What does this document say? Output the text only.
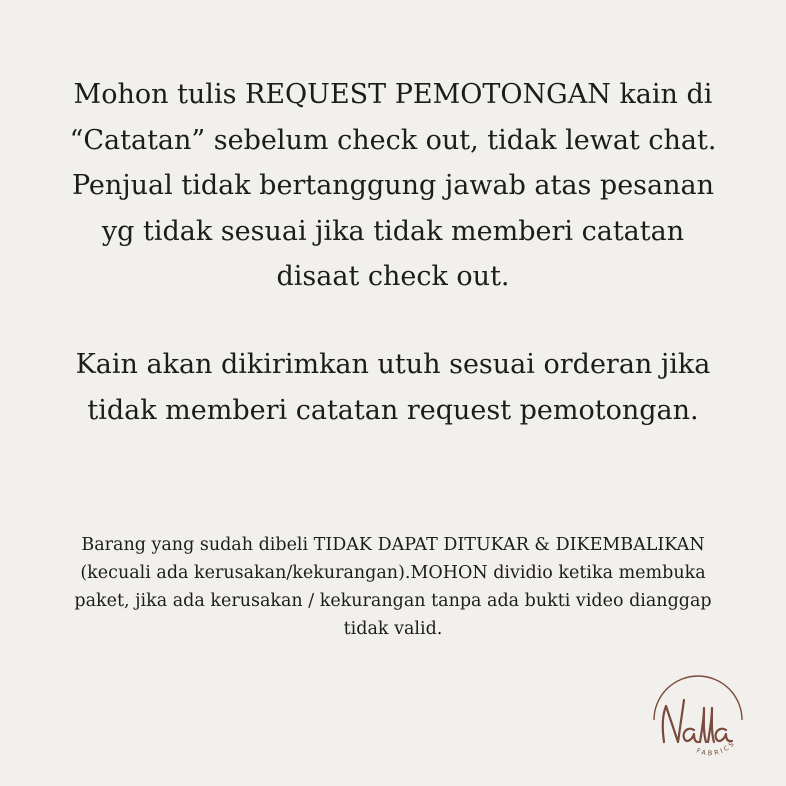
Mohon tulis REQUEST PEMOTONGAN kain di “Catatan” sebelum check out, tidak lewat chat. Penjual tidak bertanggung jawab atas pesanan yg tidak sesuai jika tidak memberi catatan disaat check out.

Kain akan dikirimkan utuh sesuai orderan jika tidak memberi catatan request pemotongan.

Barang yang sudah dibeli TIDAK DAPAT DITUKAR & DIKEMBALIKAN (kecuali ada kerusakan/kekurangan).MOHON dividio ketika membuka paket, jika ada kerusakan / kekurangan tanpa ada bukti video dianggap tidak valid.

FABRICS
